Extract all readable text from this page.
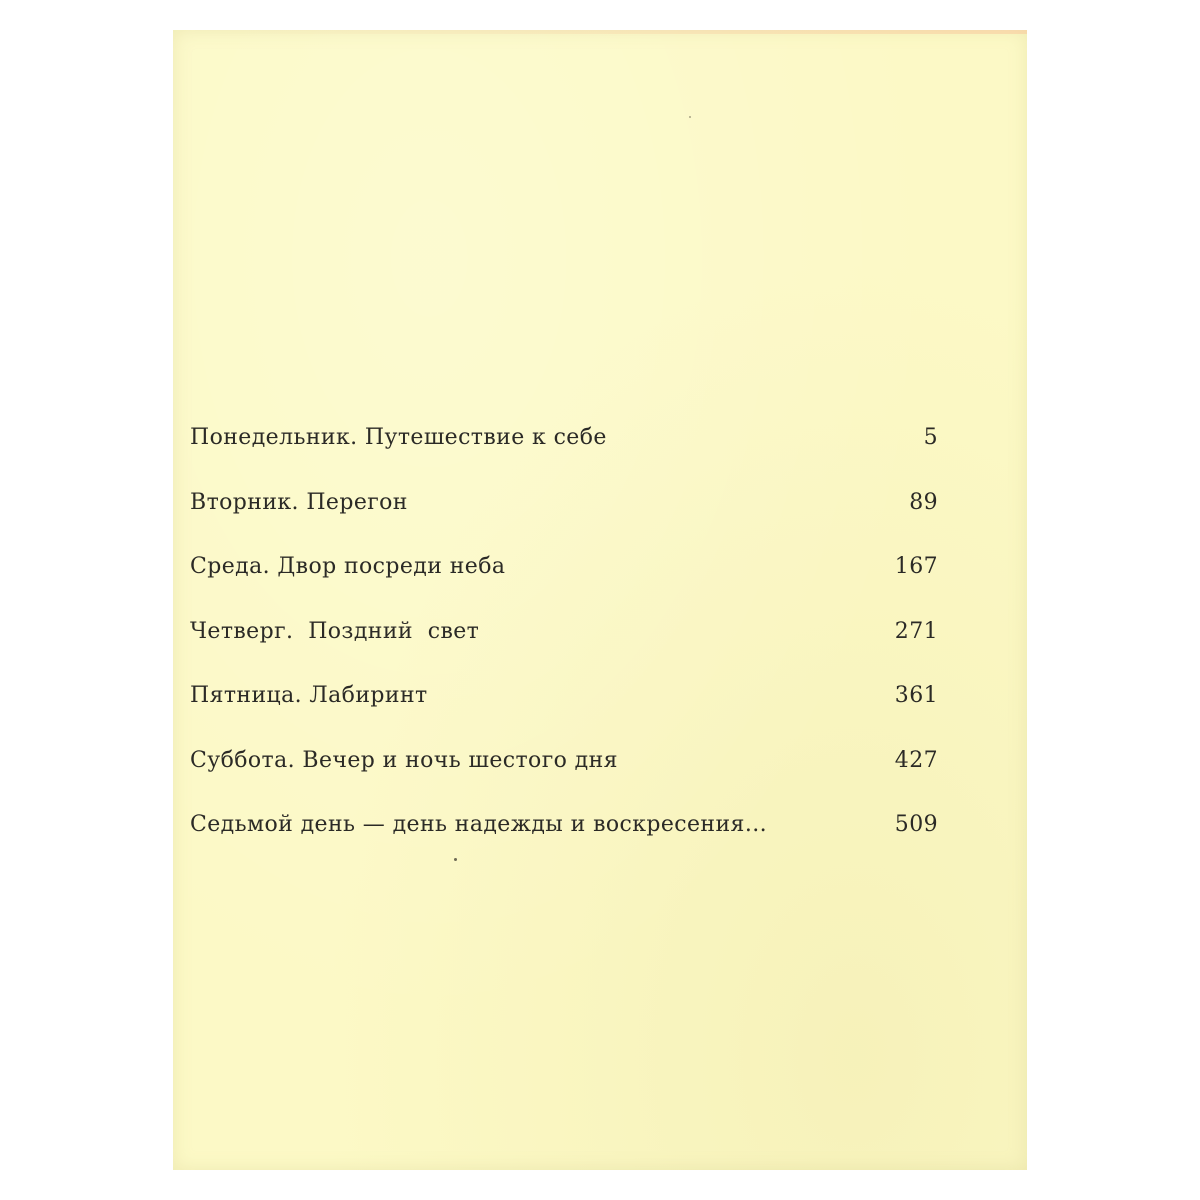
Понедельник. Путешествие к себе	5
Вторник. Перегон	89
Среда. Двор посреди неба	167
Четверг.  Поздний  свет	271
Пятница. Лабиринт	361
Суббота. Вечер и ночь шестого дня	427
Седьмой день — день надежды и воскресения...	509
